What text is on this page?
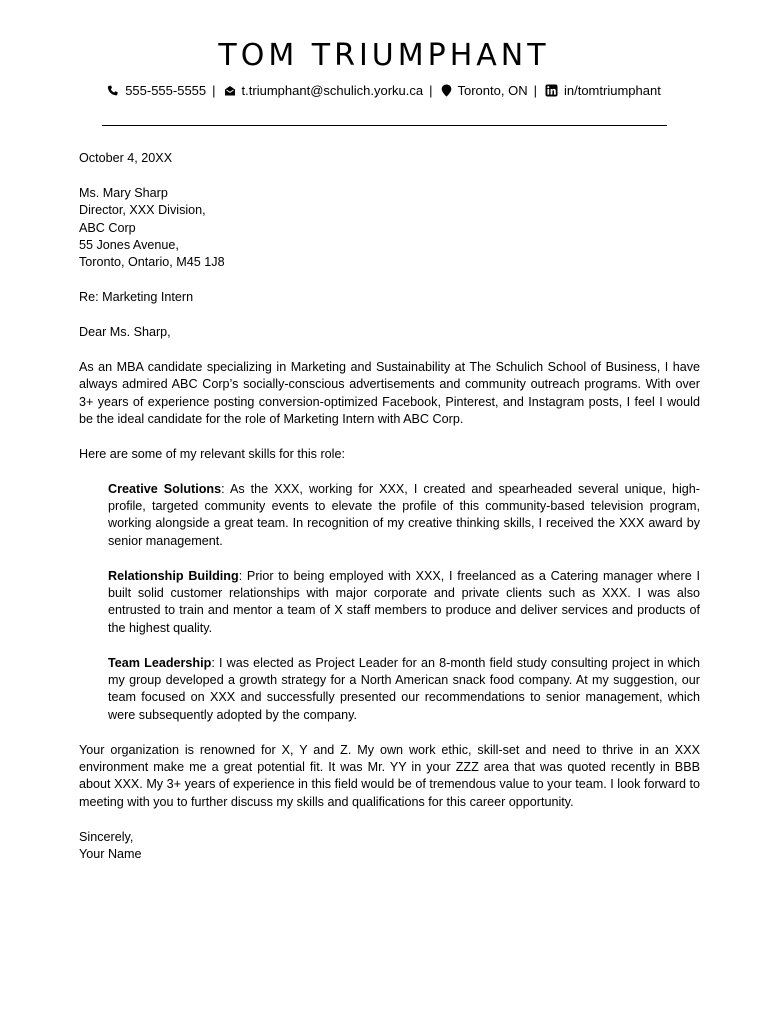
TOM TRIUMPHANT
555-555-5555 | t.triumphant@schulich.yorku.ca | Toronto, ON | in/tomtriumphant

October 4, 20XX

Ms. Mary Sharp

Director, XXX Division,

ABC Corp

55 Jones Avenue,

Toronto, Ontario, M45 1J8

Re: Marketing Intern

Dear Ms. Sharp,

As an MBA candidate specializing in Marketing and Sustainability at The Schulich School of Business, I have always admired ABC Corp’s socially-conscious advertisements and community outreach programs. With over 3+ years of experience posting conversion-optimized Facebook, Pinterest, and Instagram posts, I feel I would be the ideal candidate for the role of Marketing Intern with ABC Corp.

Here are some of my relevant skills for this role:

Creative Solutions: As the XXX, working for XXX, I created and spearheaded several unique, high-profile, targeted community events to elevate the profile of this community-based television program, working alongside a great team. In recognition of my creative thinking skills, I received the XXX award by senior management.

Relationship Building: Prior to being employed with XXX, I freelanced as a Catering manager where I built solid customer relationships with major corporate and private clients such as XXX. I was also entrusted to train and mentor a team of X staff members to produce and deliver services and products of the highest quality.

Team Leadership: I was elected as Project Leader for an 8-month field study consulting project in which my group developed a growth strategy for a North American snack food company. At my suggestion, our team focused on XXX and successfully presented our recommendations to senior management, which were subsequently adopted by the company.

Your organization is renowned for X, Y and Z. My own work ethic, skill-set and need to thrive in an XXX environment make me a great potential fit. It was Mr. YY in your ZZZ area that was quoted recently in BBB about XXX. My 3+ years of experience in this field would be of tremendous value to your team. I look forward to meeting with you to further discuss my skills and qualifications for this career opportunity.

Sincerely,

Your Name
